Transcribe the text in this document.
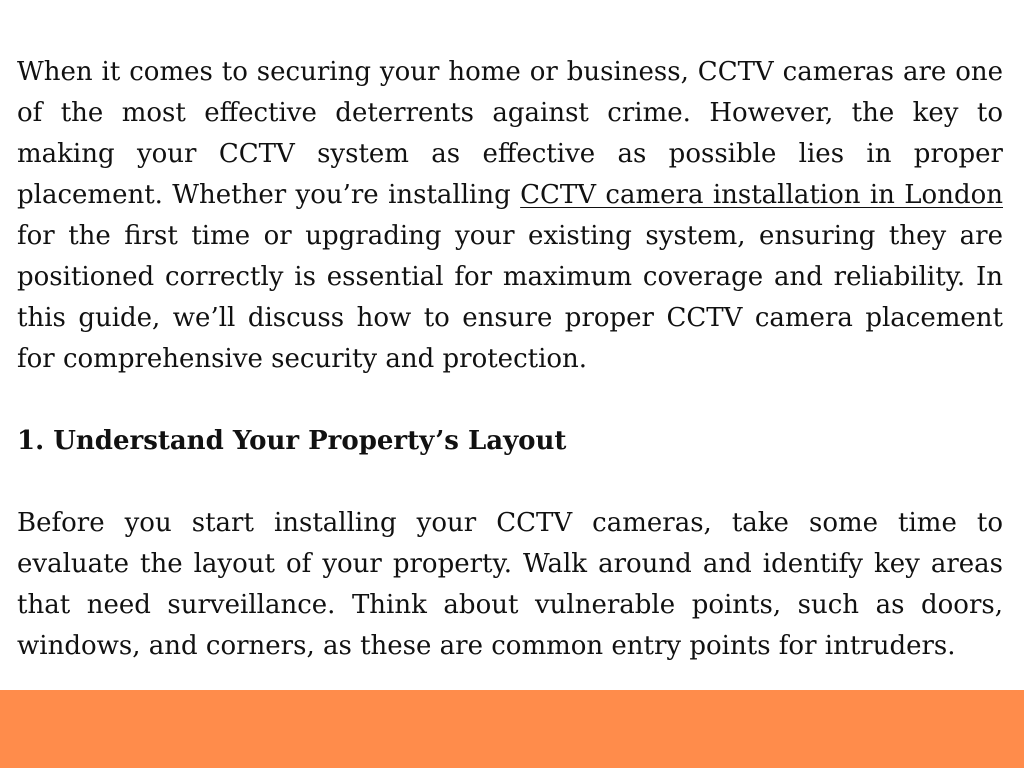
When it comes to securing your home or business, CCTV cameras are one of the most effective deterrents against crime. However, the key to making your CCTV system as effective as possible lies in proper placement. Whether you’re installing CCTV camera installation in London for the first time or upgrading your existing system, ensuring they are positioned correctly is essential for maximum coverage and reliability. In this guide, we’ll discuss how to ensure proper CCTV camera placement for comprehensive security and protection.

1. Understand Your Property’s Layout

Before you start installing your CCTV cameras, take some time to evaluate the layout of your property. Walk around and identify key areas that need surveillance. Think about vulnerable points, such as doors, windows, and corners, as these are common entry points for intruders.
